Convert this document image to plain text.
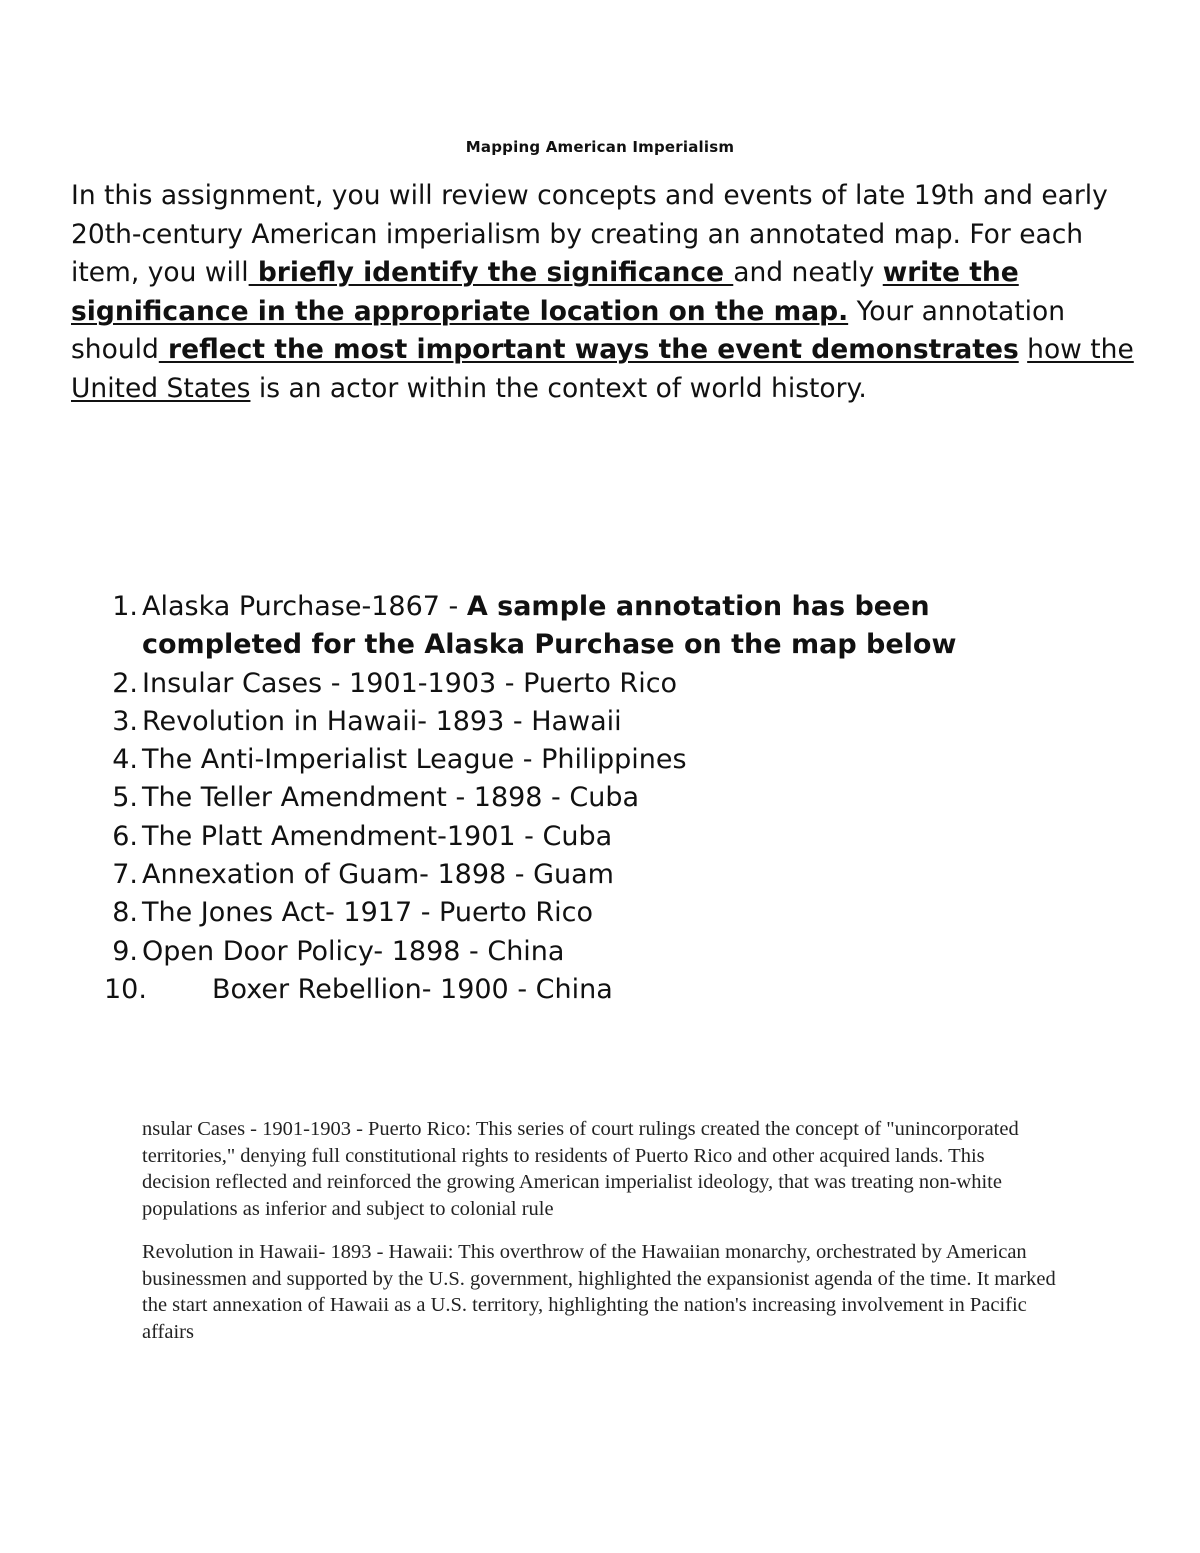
Mapping American Imperialism

In this assignment, you will review concepts and events of late 19th and early 20th-century American imperialism by creating an annotated map. For each item, you will briefly identify the significance and neatly write the significance in the appropriate location on the map. Your annotation should reflect the most important ways the event demonstrates how the United States is an actor within the context of world history.

1. Alaska Purchase-1867 - A sample annotation has been completed for the Alaska Purchase on the map below
2. Insular Cases - 1901-1903 - Puerto Rico
3. Revolution in Hawaii- 1893 - Hawaii
4. The Anti-Imperialist League - Philippines
5. The Teller Amendment - 1898 - Cuba
6. The Platt Amendment-1901 - Cuba
7. Annexation of Guam- 1898 - Guam
8. The Jones Act- 1917 - Puerto Rico
9. Open Door Policy- 1898 - China
10. Boxer Rebellion- 1900 - China

nsular Cases - 1901-1903 - Puerto Rico: This series of court rulings created the concept of "unincorporated territories," denying full constitutional rights to residents of Puerto Rico and other acquired lands. This decision reflected and reinforced the growing American imperialist ideology, that was treating non-white populations as inferior and subject to colonial rule

Revolution in Hawaii- 1893 - Hawaii: This overthrow of the Hawaiian monarchy, orchestrated by American businessmen and supported by the U.S. government, highlighted the expansionist agenda of the time. It marked the start annexation of Hawaii as a U.S. territory, highlighting the nation's increasing involvement in Pacific affairs
